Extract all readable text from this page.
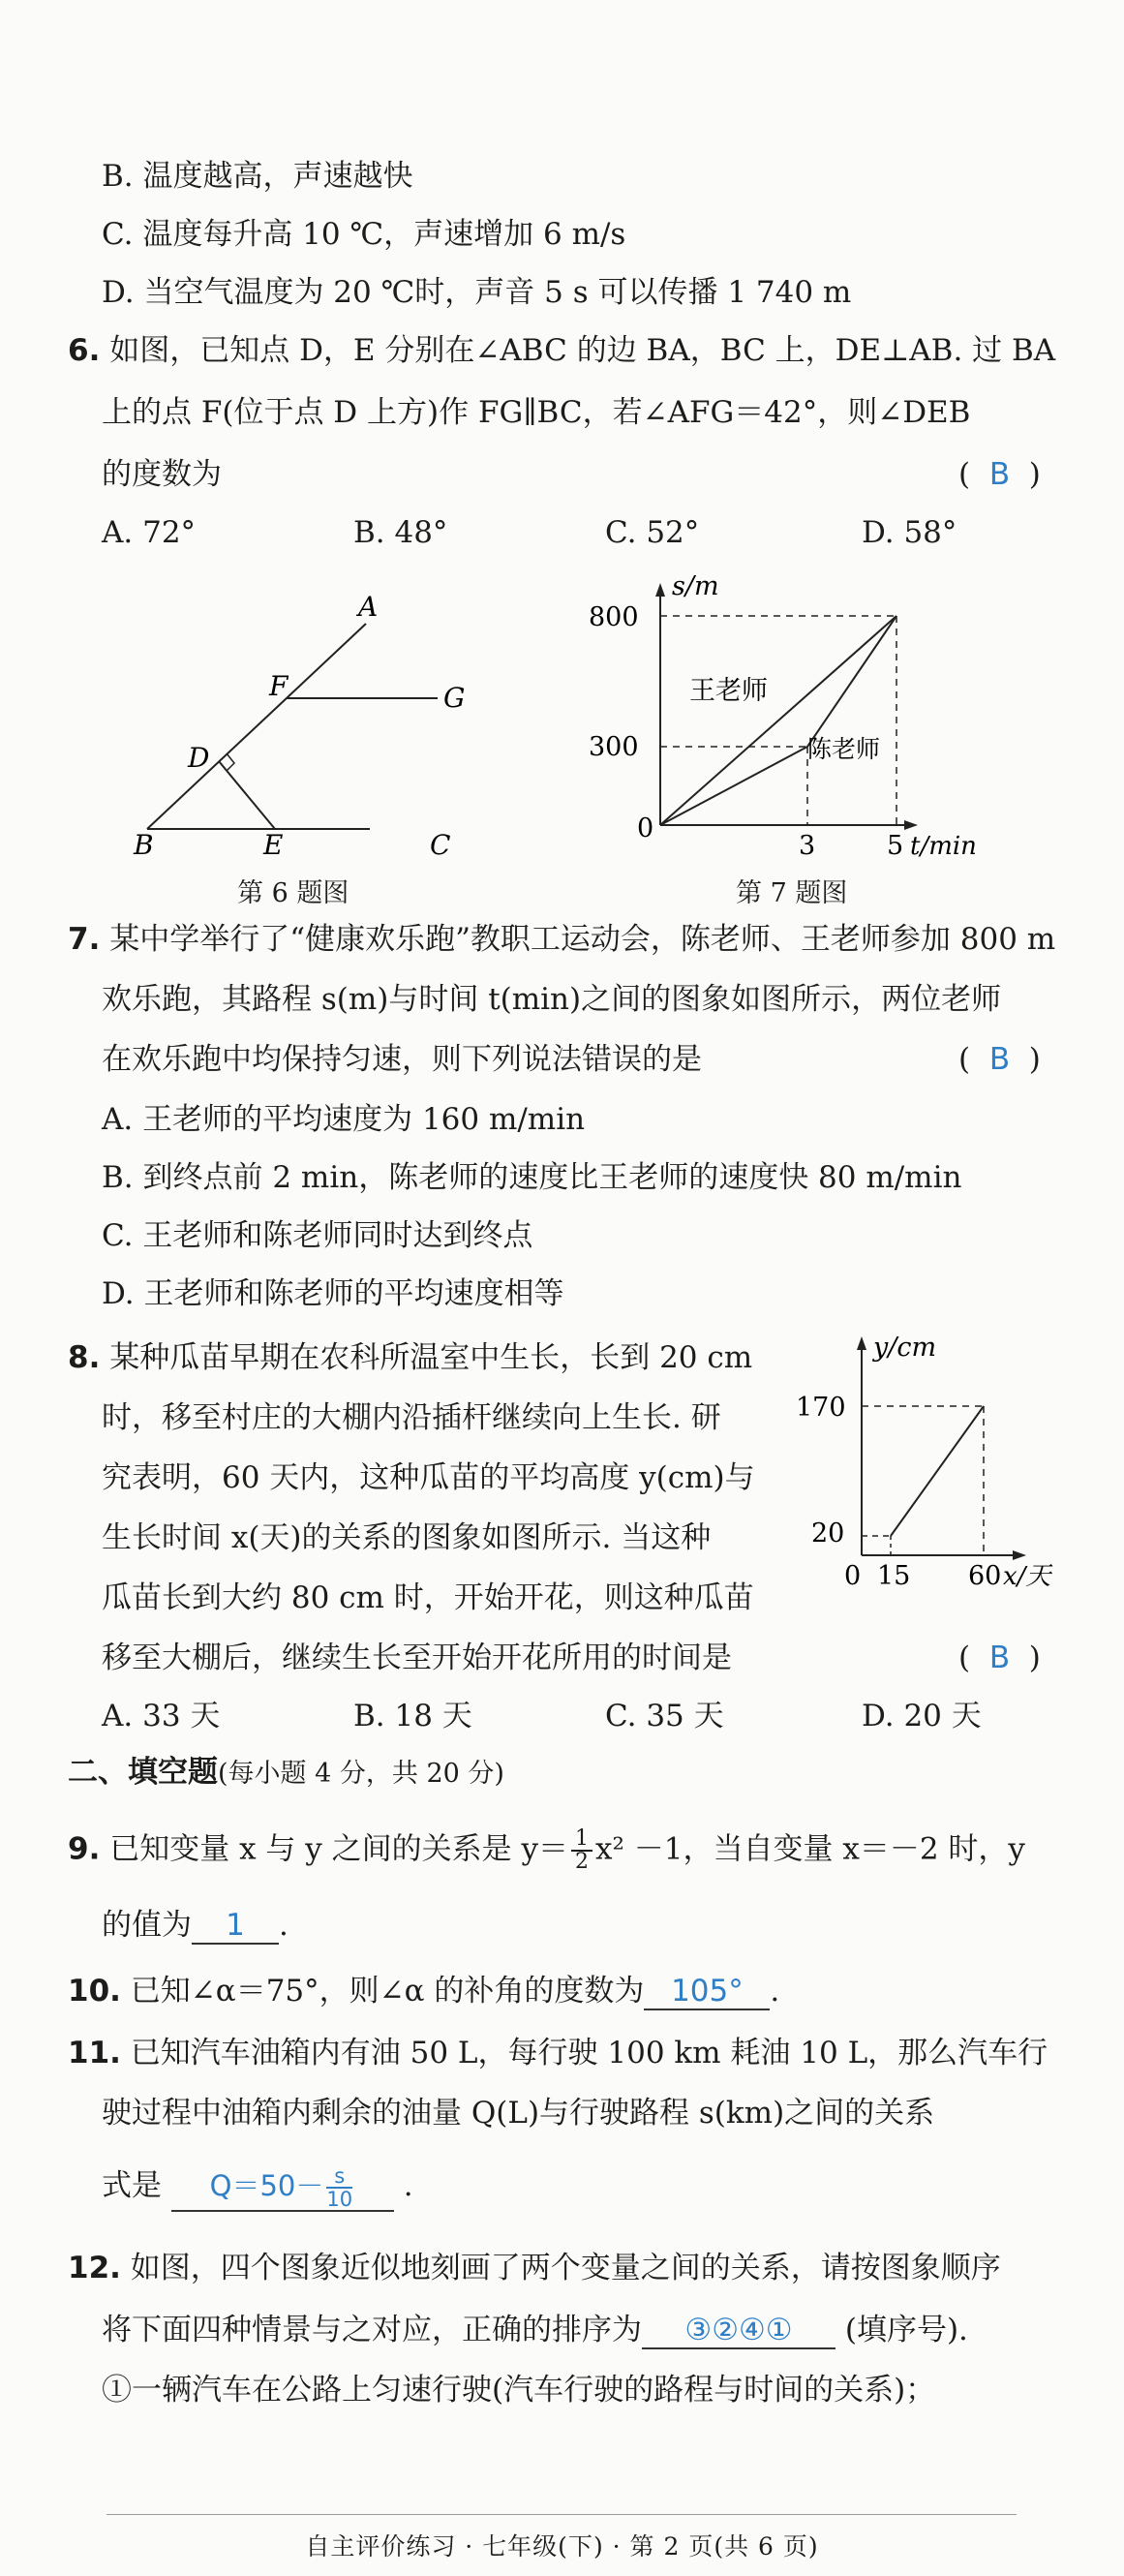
B. 温度越高，声速越快
C. 温度每升高 10 ℃，声速增加 6 m/s
D. 当空气温度为 20 ℃时，声音 5 s 可以传播 1 740 m
6. 如图，已知点 D，E 分别在∠ABC 的边 BA，BC 上，DE⊥AB. 过 BA
上的点 F(位于点 D 上方)作 FG∥BC，若∠AFG＝42°，则∠DEB
的度数为	(  B  )
A. 72°	B. 48°	C. 52°	D. 58°
A
F	G
D
B	E	C
第 6 题图
s/m
800
300
0
3	5 t/min
王老师
陈老师
第 7 题图
7. 某中学举行了“健康欢乐跑”教职工运动会，陈老师、王老师参加 800 m
欢乐跑，其路程 s(m)与时间 t(min)之间的图象如图所示，两位老师
在欢乐跑中均保持匀速，则下列说法错误的是	(  B  )
A. 王老师的平均速度为 160 m/min
B. 到终点前 2 min，陈老师的速度比王老师的速度快 80 m/min
C. 王老师和陈老师同时达到终点
D. 王老师和陈老师的平均速度相等
8. 某种瓜苗早期在农科所温室中生长，长到 20 cm
时，移至村庄的大棚内沿插杆继续向上生长. 研
究表明，60 天内，这种瓜苗的平均高度 y(cm)与
生长时间 x(天)的关系的图象如图所示. 当这种
瓜苗长到大约 80 cm 时，开始开花，则这种瓜苗
移至大棚后，继续生长至开始开花所用的时间是	(  B  )
y/cm
170
20
0 15 60 x/天
A. 33 天	B. 18 天	C. 35 天	D. 20 天
二、填空题(每小题 4 分，共 20 分)
9. 已知变量 x 与 y 之间的关系是 $y= \frac{1}{2} x^2 -1$，当自变量 x＝－2 时，y
的值为 1 .
10. 已知∠α＝75°，则∠α 的补角的度数为 105° .
11. 已知汽车油箱内有油 50 L，每行驶 100 km 耗油 10 L，那么汽车行
驶过程中油箱内剩余的油量 Q(L)与行驶路程 s(km)之间的关系
式是 $Q=50- \frac{s}{10}$ .
12. 如图，四个图象近似地刻画了两个变量之间的关系，请按图象顺序
将下面四种情景与之对应，正确的排序为 ③②④① (填序号).
①一辆汽车在公路上匀速行驶(汽车行驶的路程与时间的关系)；
自主评价练习 · 七年级(下) · 第 2 页(共 6 页)
